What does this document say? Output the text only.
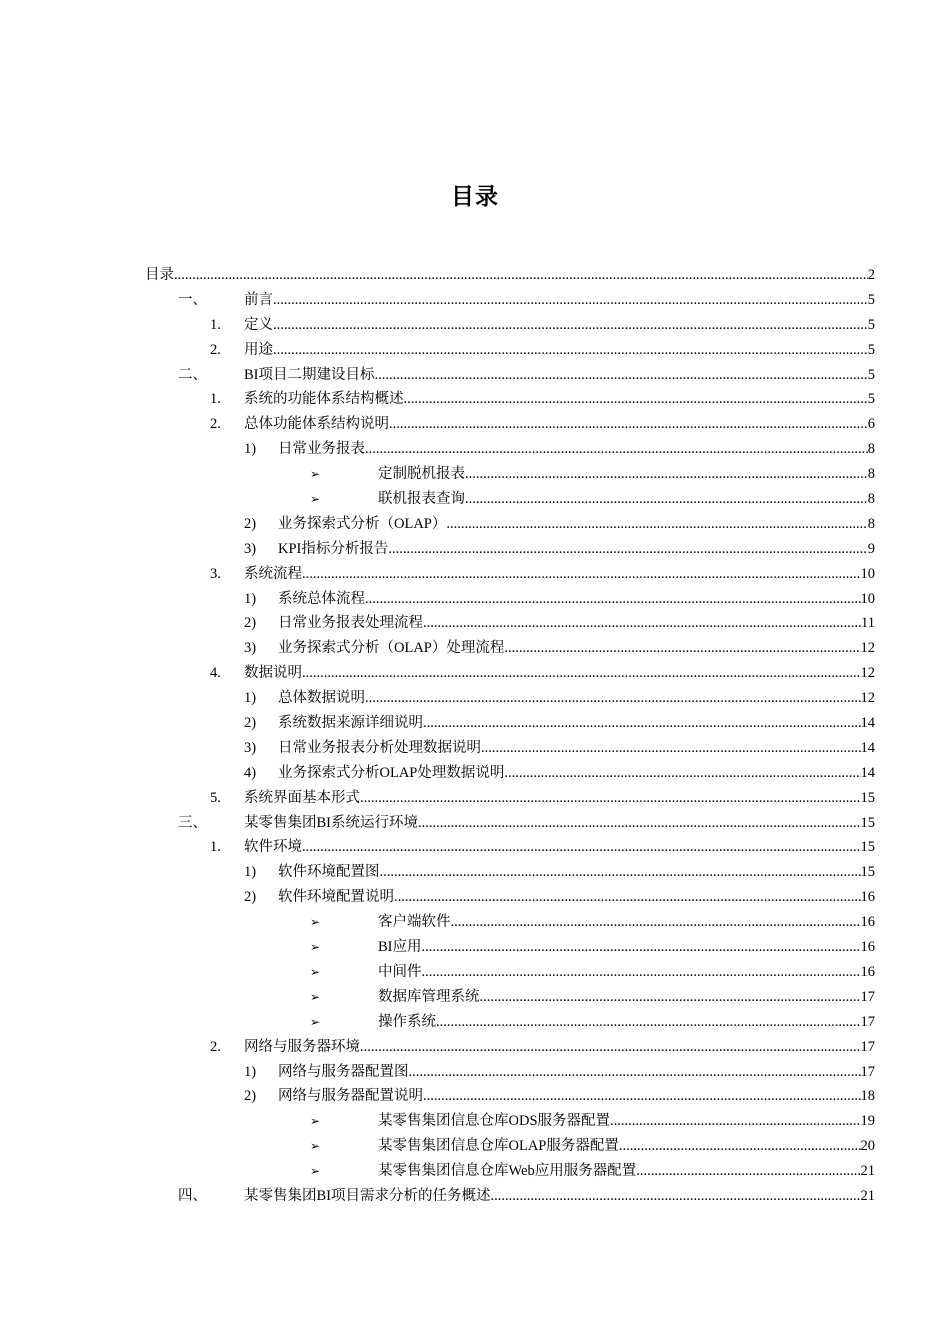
目录
目录 .....	2
一、	前言 .....	5
1. 定义 .....	5
2. 用途 .....	5
二、	BI项目二期建设目标 .....	5
1. 系统的功能体系结构概述 .....	5
2. 总体功能体系结构说明 .....	6
1) 日常业务报表 .....	8
➢	定制脱机报表 .....	8
➢	联机报表查询 .....	8
2) 业务探索式分析（OLAP） .....	8
3) KPI指标分析报告 .....	9
3. 系统流程 .....	10
1) 系统总体流程 .....	10
2) 日常业务报表处理流程 .....	11
3) 业务探索式分析（OLAP）处理流程 .....	12
4. 数据说明 .....	12
1) 总体数据说明 .....	12
2) 系统数据来源详细说明 .....	14
3) 日常业务报表分析处理数据说明 .....	14
4) 业务探索式分析OLAP处理数据说明 .....	14
5. 系统界面基本形式 .....	15
三、	某零售集团BI系统运行环境 .....	15
1. 软件环境 .....	15
1) 软件环境配置图 .....	15
2) 软件环境配置说明 .....	16
➢	客户端软件 .....	16
➢	BI应用 .....	16
➢	中间件 .....	16
➢	数据库管理系统 .....	17
➢	操作系统 .....	17
2. 网络与服务器环境 .....	17
1) 网络与服务器配置图 .....	17
2) 网络与服务器配置说明 .....	18
➢	某零售集团信息仓库ODS服务器配置 .....	19
➢	某零售集团信息仓库OLAP服务器配置 .....	20
➢	某零售集团信息仓库Web应用服务器配置 .....	21
四、	某零售集团BI项目需求分析的任务概述 .....	21
